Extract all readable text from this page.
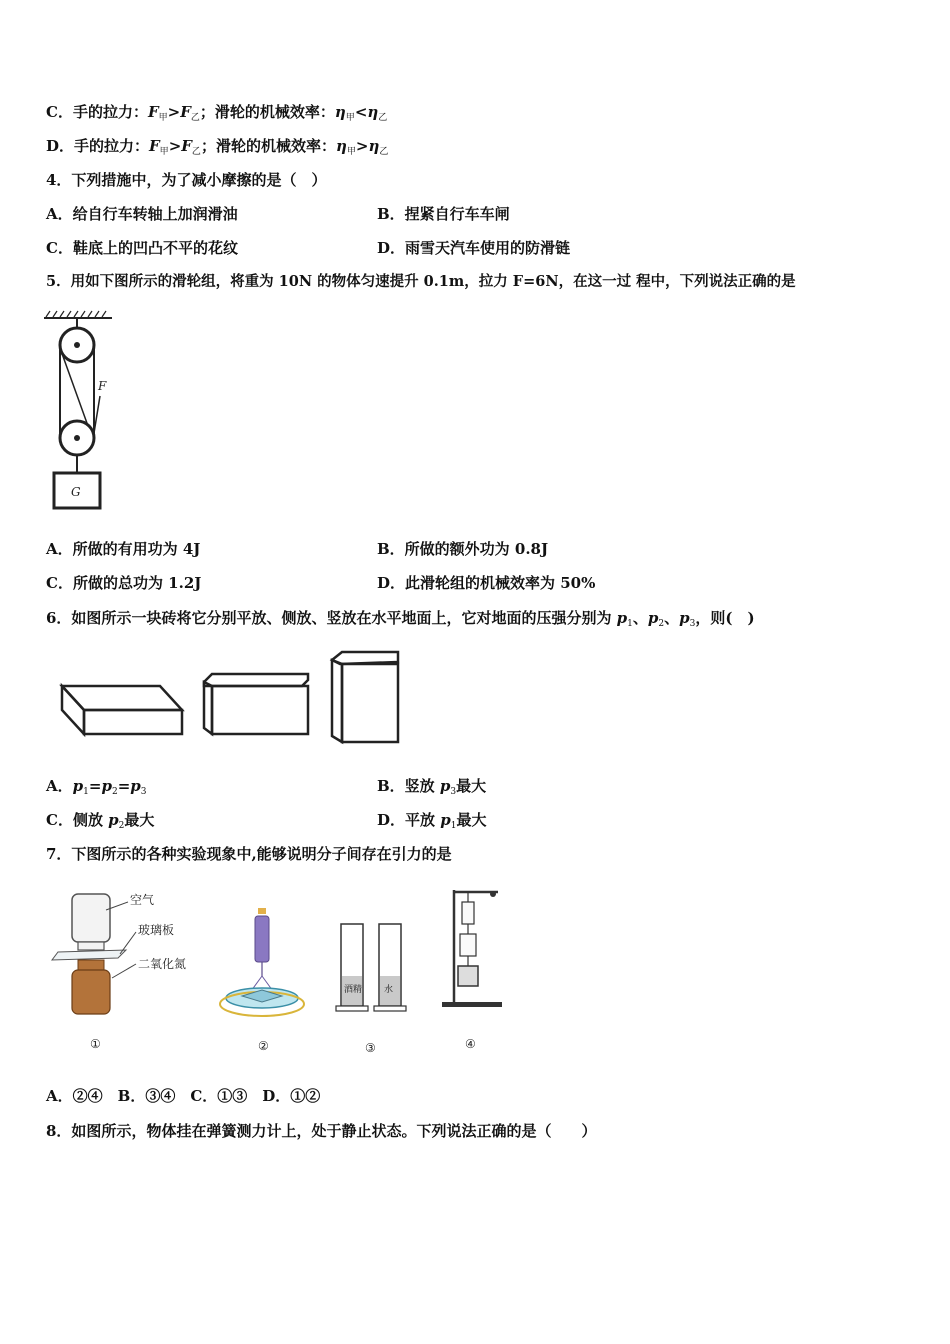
C．手的拉力：$F_甲>F_乙$；滑轮的机械效率：$\eta_甲<\eta_乙$
D．手的拉力：$F_甲>F_乙$；滑轮的机械效率：$\eta_甲>\eta_乙$
4．下列措施中，为了减小摩擦的是（　）
A．给自行车转轴上加润滑油	B．捏紧自行车车闸
C．鞋底上的凹凸不平的花纹	D．雨雪天汽车使用的防滑链
5．用如下图所示的滑轮组，将重为 10N 的物体匀速提升 0.1m，拉力 F=6N，在这一过 程中，下列说法正确的是
F
G
A．所做的有用功为 4J	B．所做的额外功为 0.8J
C．所做的总功为 1.2J	D．此滑轮组的机械效率为 50%
6．如图所示一块砖将它分别平放、侧放、竖放在水平地面上，它对地面的压强分别为 $p_1$、$p_2$、$p_3$，则(　)
A．$p_1=p_2=p_3$	B．竖放 $p_3$最大
C．侧放 $p_2$最大	D．平放 $p_1$最大
7．下图所示的各种实验现象中,能够说明分子间存在引力的是
空气
玻璃板
二氧化氮
①	②
酒精 水
③	④
A．②④　B．③④　C．①③　D．①②
8．如图所示，物体挂在弹簧测力计上，处于静止状态。下列说法正确的是（　　）
